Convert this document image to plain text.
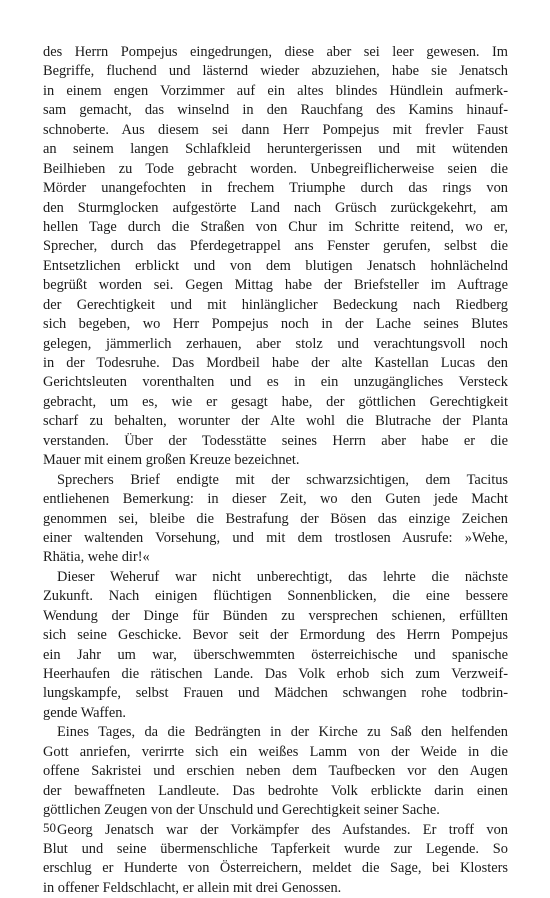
des Herrn Pompejus eingedrungen, diese aber sei leer gewesen. Im
Begriffe, fluchend und lästernd wieder abzuziehen, habe sie Jenatsch
in einem engen Vorzimmer auf ein altes blindes Hündlein aufmerk-
sam gemacht, das winselnd in den Rauchfang des Kamins hinauf-
schnoberte. Aus diesem sei dann Herr Pompejus mit frevler Faust
an seinem langen Schlafkleid heruntergerissen und mit wütenden
Beilhieben zu Tode gebracht worden. Unbegreiflicherweise seien die
Mörder unangefochten in frechem Triumphe durch das rings von
den Sturmglocken aufgestörte Land nach Grüsch zurückgekehrt, am
hellen Tage durch die Straßen von Chur im Schritte reitend, wo er,
Sprecher, durch das Pferdegetrappel ans Fenster gerufen, selbst die
Entsetzlichen erblickt und von dem blutigen Jenatsch hohnlächelnd
begrüßt worden sei. Gegen Mittag habe der Briefsteller im Auftrage
der Gerechtigkeit und mit hinlänglicher Bedeckung nach Riedberg
sich begeben, wo Herr Pompejus noch in der Lache seines Blutes
gelegen, jämmerlich zerhauen, aber stolz und verachtungsvoll noch
in der Todesruhe. Das Mordbeil habe der alte Kastellan Lucas den
Gerichtsleuten vorenthalten und es in ein unzugängliches Versteck
gebracht, um es, wie er gesagt habe, der göttlichen Gerechtigkeit
scharf zu behalten, worunter der Alte wohl die Blutrache der Planta
verstanden. Über der Todesstätte seines Herrn aber habe er die
Mauer mit einem großen Kreuze bezeichnet.
Sprechers Brief endigte mit der schwarzsichtigen, dem Tacitus
entliehenen Bemerkung: in dieser Zeit, wo den Guten jede Macht
genommen sei, bleibe die Bestrafung der Bösen das einzige Zeichen
einer waltenden Vorsehung, und mit dem trostlosen Ausrufe: »Wehe,
Rhätia, wehe dir!«
Dieser Weheruf war nicht unberechtigt, das lehrte die nächste
Zukunft. Nach einigen flüchtigen Sonnenblicken, die eine bessere
Wendung der Dinge für Bünden zu versprechen schienen, erfüllten
sich seine Geschicke. Bevor seit der Ermordung des Herrn Pompejus
ein Jahr um war, überschwemmten österreichische und spanische
Heerhaufen die rätischen Lande. Das Volk erhob sich zum Verzweif-
lungskampfe, selbst Frauen und Mädchen schwangen rohe todbrin-
gende Waffen.
Eines Tages, da die Bedrängten in der Kirche zu Saß den helfenden
Gott anriefen, verirrte sich ein weißes Lamm von der Weide in die
offene Sakristei und erschien neben dem Taufbecken vor den Augen
der bewaffneten Landleute. Das bedrohte Volk erblickte darin einen
göttlichen Zeugen von der Unschuld und Gerechtigkeit seiner Sache.
Georg Jenatsch war der Vorkämpfer des Aufstandes. Er troff von
Blut und seine übermenschliche Tapferkeit wurde zur Legende. So
erschlug er Hunderte von Österreichern, meldet die Sage, bei Klosters
in offener Feldschlacht, er allein mit drei Genossen.
50
